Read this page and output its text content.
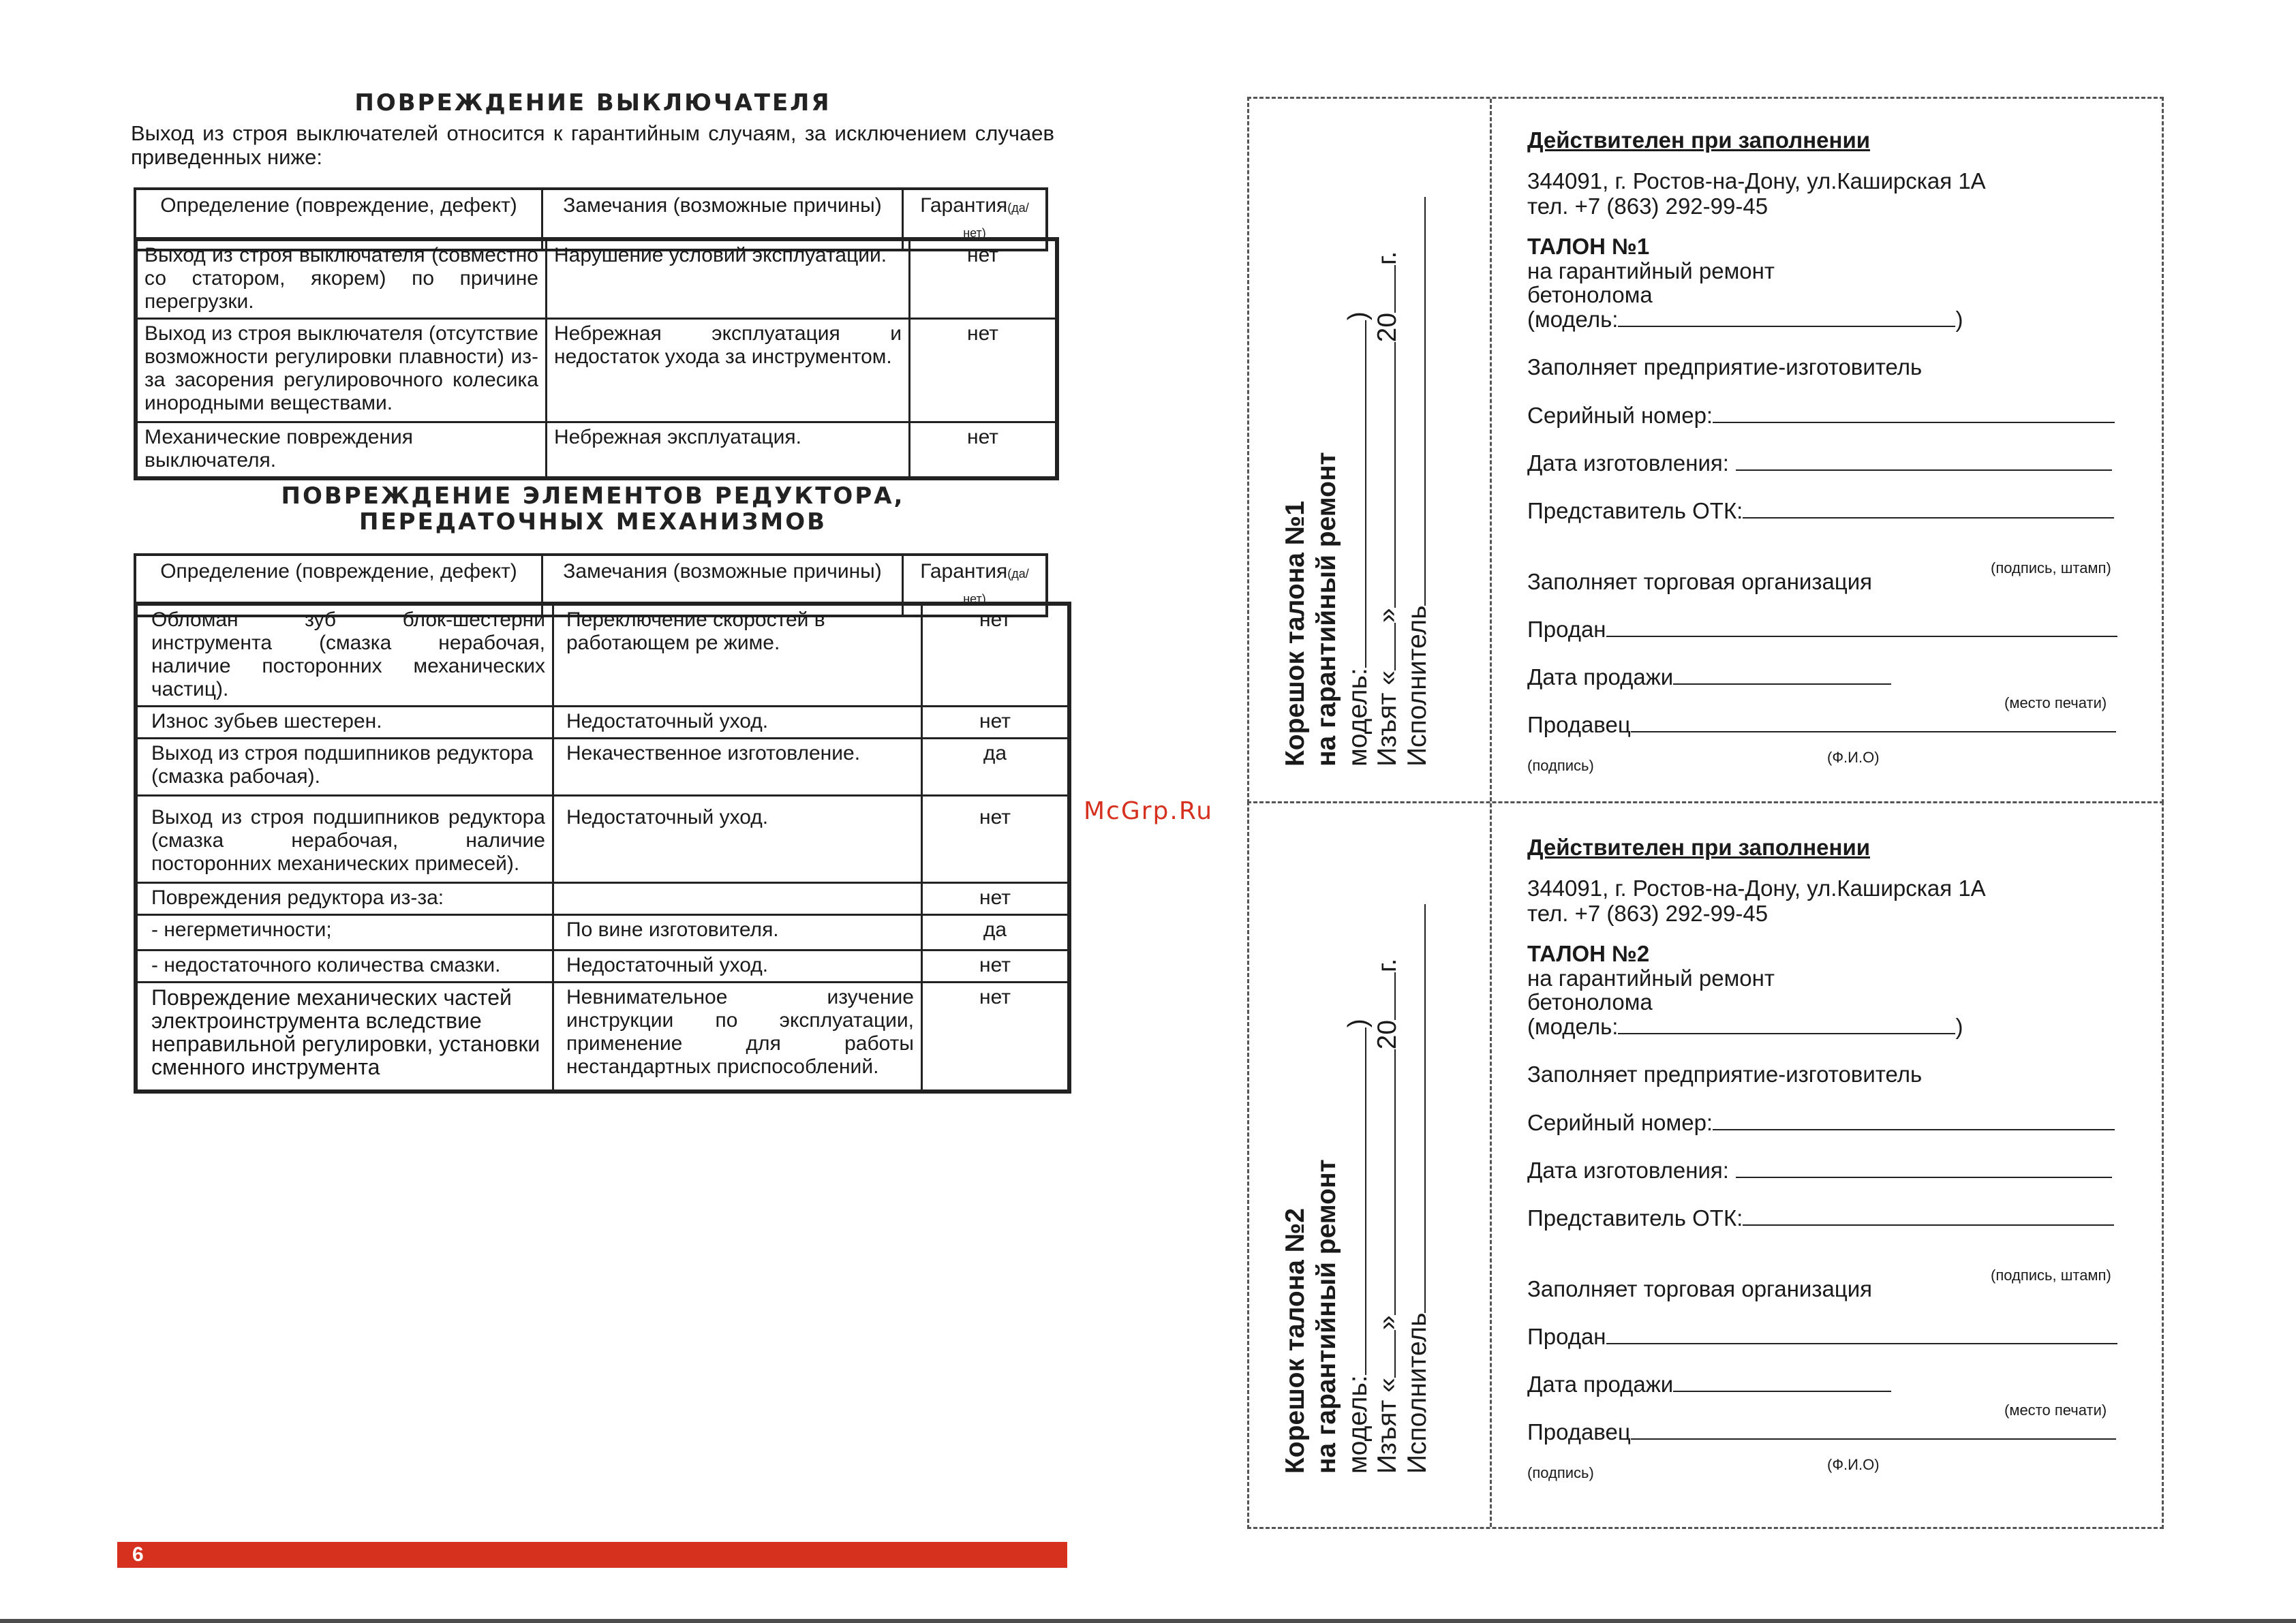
ПОВРЕЖДЕНИЕ ВЫКЛЮЧАТЕЛЯ
Выход из строя выключателей относится к гарантийным случаям, за исключением случаев приведенных ниже:
Определение (повреждение, дефект)	Замечания (возможные причины)	Гарантия(да/нет)
Выход из строя выключателя (совместно со статором, якорем) по причине перегрузки.	Нарушение условий эксплуатации.	нет
Выход из строя выключателя (отсутствие возможности регулировки плавности) из-за засорения регулировочного колесика инородными веществами.	Небрежная эксплуатация и недостаток ухода за инструментом.	нет
Механические повреждения выключателя.	Небрежная эксплуатация.	нет
ПОВРЕЖДЕНИЕ ЭЛЕМЕНТОВ РЕДУКТОРА,
ПЕРЕДАТОЧНЫХ МЕХАНИЗМОВ
Определение (повреждение, дефект)	Замечания (возможные причины)	Гарантия(да/нет)
Обломан зуб блок-шестерни инструмента (смазка нерабочая, наличие посторонних механических частиц).	Переключение скоростей в работающем ре жиме.	нет
Износ зубьев шестерен.	Недостаточный уход.	нет
Выход из строя подшипников редуктора (смазка рабочая).	Некачественное изготовление.	да
Выход из строя подшипников редуктора (смазка нерабочая, наличие посторонних механических примесей).	Недостаточный уход.	нет
Повреждения редуктора из-за:		нет
- негерметичности;	По вине изготовителя.	да
- недостаточного количества смазки.	Недостаточный уход.	нет
Повреждение механических частей электроинструмента вследствие неправильной регулировки, установки сменного инструмента	Невнимательное изучение инструкции по эксплуатации, применение для работы нестандартных приспособлений.	нет
6
McGrp.Ru
Корешок талона №1 на гарантийный ремонт модель:)
Изъят «»20г.
Исполнитель
Действителен при заполнении
344091, г. Ростов-на-Дону, ул.Каширская 1А
тел. +7 (863) 292-99-45
ТАЛОН №1
на гарантийный ремонт
бетонолома
(модель:	)
Заполняет предприятие-изготовитель
Серийный номер:
Дата изготовления:
Представитель ОТК:
(подпись, штамп)
Заполняет торговая организация
Продан
Дата продажи
(место печати)
Продавец
(подпись)	(Ф.И.О)
Корешок талона №2 на гарантийный ремонт модель:)
Изъят «»20г.
Исполнитель
Действителен при заполнении
344091, г. Ростов-на-Дону, ул.Каширская 1А
тел. +7 (863) 292-99-45
ТАЛОН №2
на гарантийный ремонт
бетонолома
(модель:	)
Заполняет предприятие-изготовитель
Серийный номер:
Дата изготовления:
Представитель ОТК:
(подпись, штамп)
Заполняет торговая организация
Продан
Дата продажи
(место печати)
Продавец
(подпись)	(Ф.И.О)
